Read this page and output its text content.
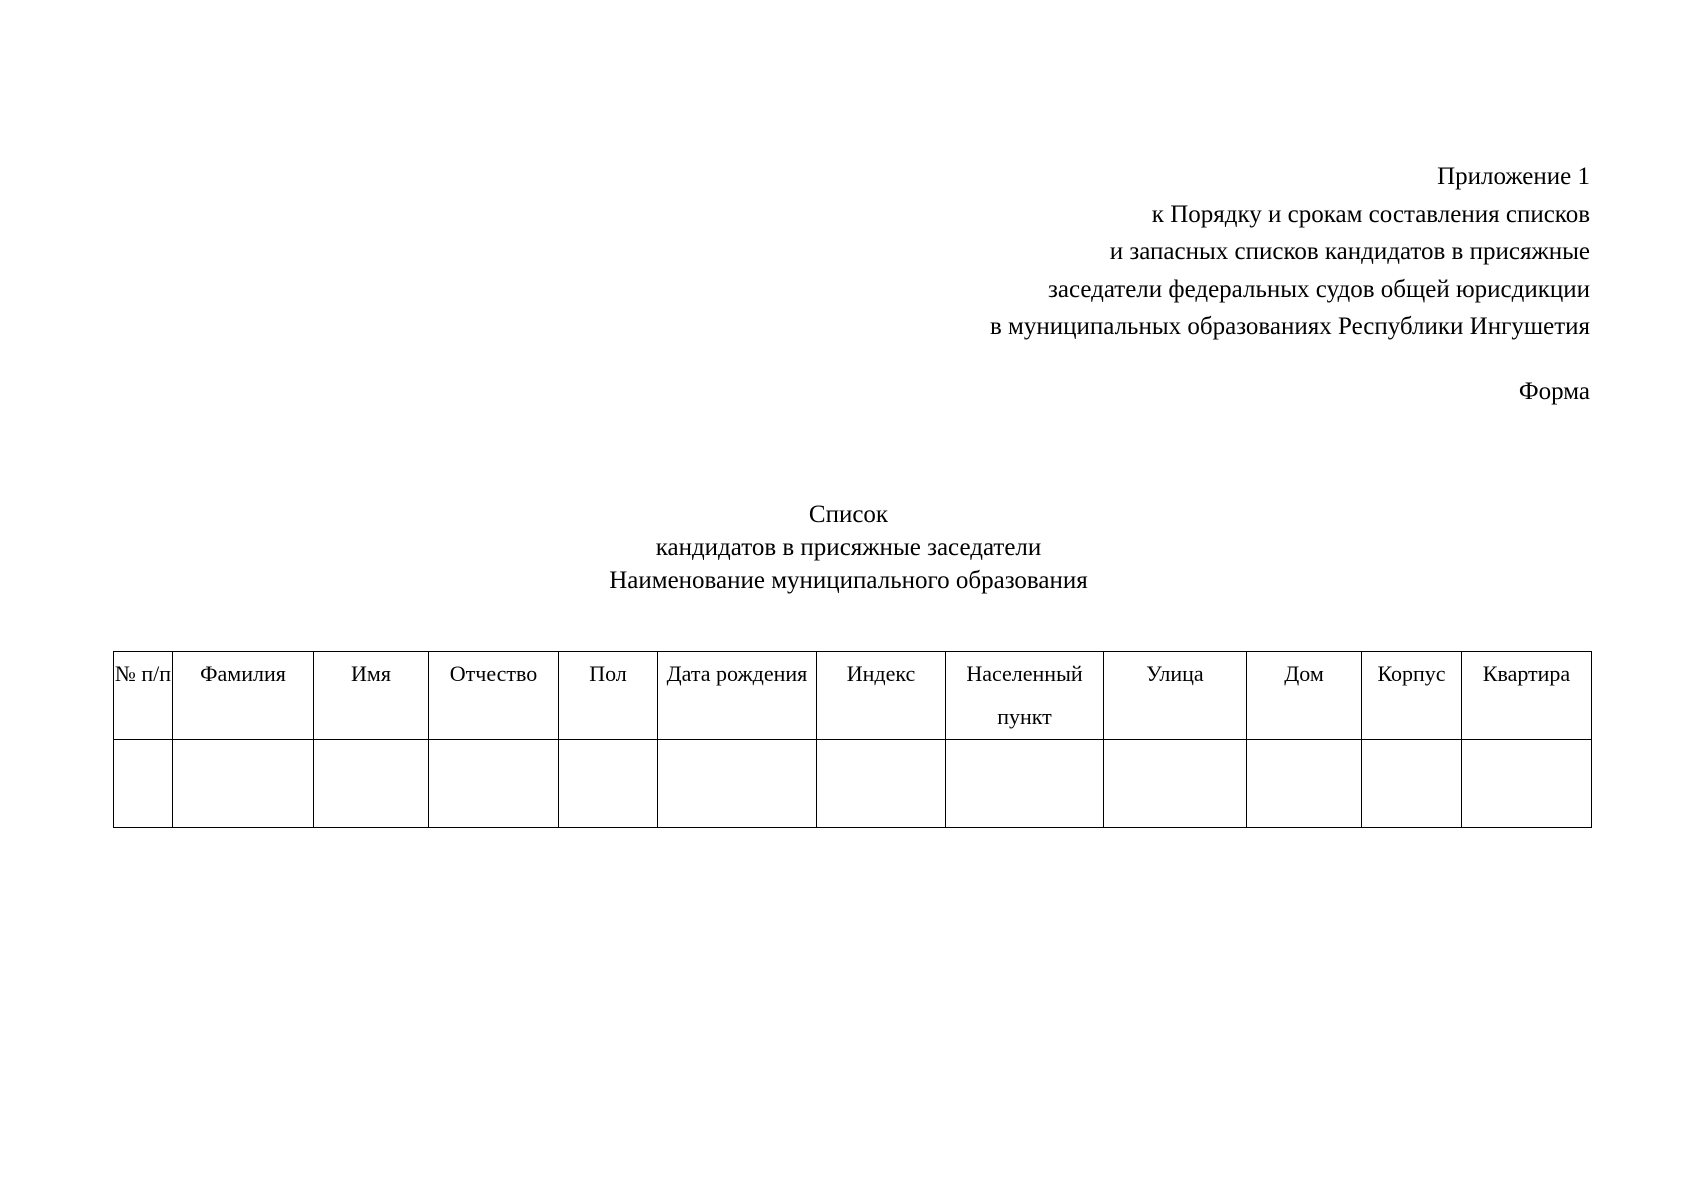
Приложение 1
к Порядку и срокам составления списков
и запасных списков кандидатов в присяжные
заседатели федеральных судов общей юрисдикции
в муниципальных образованиях Республики Ингушетия
Форма
Список
кандидатов в присяжные заседатели
Наименование муниципального образования
№ п/п	Фамилия	Имя	Отчество	Пол	Дата рождения	Индекс	Населенный пункт	Улица	Дом	Корпус	Квартира
